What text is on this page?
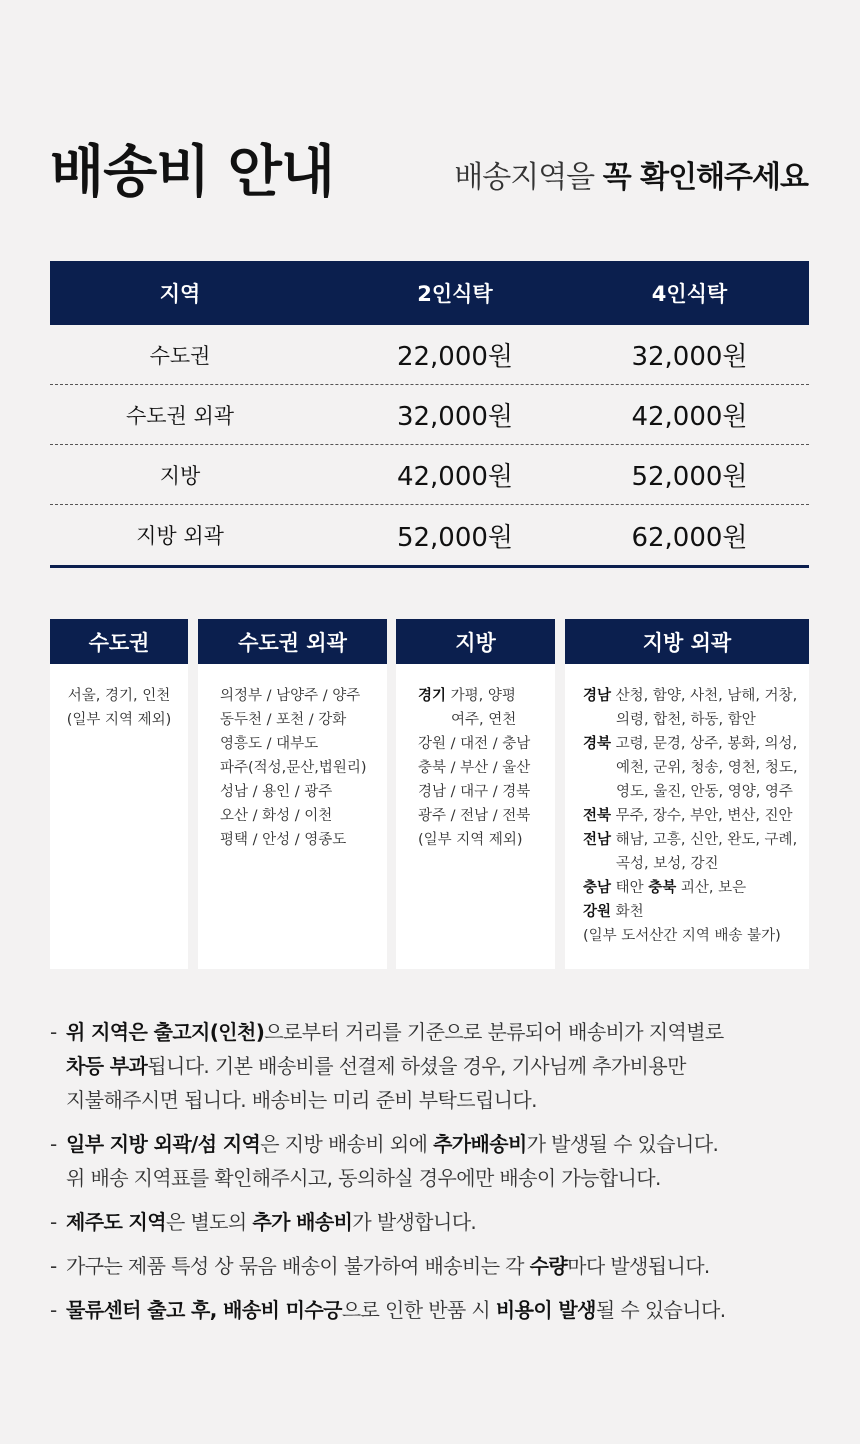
배송비 안내	배송지역을 꼭 확인해주세요
지역	2인식탁	4인식탁
수도권	22,000원	32,000원
수도권 외곽	32,000원	42,000원
지방	42,000원	52,000원
지방 외곽	52,000원	62,000원
수도권
서울, 경기, 인천
(일부 지역 제외)
수도권 외곽
의정부 / 남양주 / 양주
동두천 / 포천 / 강화
영흥도 / 대부도
파주(적성,문산,법원리)
성남 / 용인 / 광주
오산 / 화성 / 이천
평택 / 안성 / 영종도
지방
경기 가평, 양평
여주, 연천
강원 / 대전 / 충남
충북 / 부산 / 울산
경남 / 대구 / 경북
광주 / 전남 / 전북
(일부 지역 제외)
지방 외곽
경남 산청, 함양, 사천, 남해, 거창,
의령, 합천, 하동, 함안
경북 고령, 문경, 상주, 봉화, 의성,
예천, 군위, 청송, 영천, 청도,
영도, 울진, 안동, 영양, 영주
전북 무주, 장수, 부안, 변산, 진안
전남 해남, 고흥, 신안, 완도, 구례,
곡성, 보성, 강진
충남 태안 충북 괴산, 보은
강원 화천
(일부 도서산간 지역 배송 불가)
- 위 지역은 출고지(인천)으로부터 거리를 기준으로 분류되어 배송비가 지역별로
차등 부과됩니다. 기본 배송비를 선결제 하셨을 경우, 기사님께 추가비용만
지불해주시면 됩니다. 배송비는 미리 준비 부탁드립니다.
- 일부 지방 외곽/섬 지역은 지방 배송비 외에 추가배송비가 발생될 수 있습니다.
위 배송 지역표를 확인해주시고, 동의하실 경우에만 배송이 가능합니다.
- 제주도 지역은 별도의 추가 배송비가 발생합니다.
- 가구는 제품 특성 상 묶음 배송이 불가하여 배송비는 각 수량마다 발생됩니다.
- 물류센터 출고 후, 배송비 미수긍으로 인한 반품 시 비용이 발생될 수 있습니다.
